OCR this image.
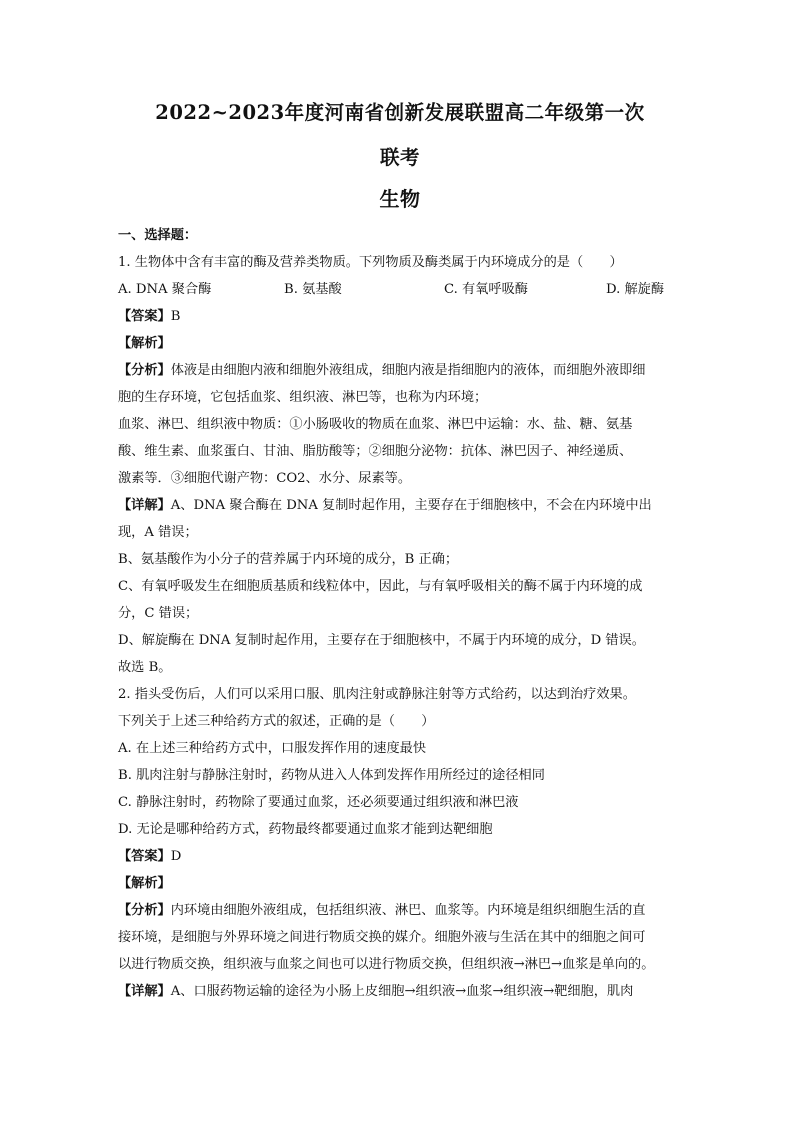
2022~2023年度河南省创新发展联盟高二年级第一次
联考
生物

一、选择题：

1. 生物体中含有丰富的酶及营养类物质。下列物质及酶类属于内环境成分的是（　　）

A. DNA 聚合酶	B. 氨基酸	C. 有氧呼吸酶	D. 解旋酶

【答案】B

【解析】

【分析】体液是由细胞内液和细胞外液组成，细胞内液是指细胞内的液体，而细胞外液即细

胞的生存环境，它包括血浆、组织液、淋巴等，也称为内环境；

血浆、淋巴、组织液中物质：①小肠吸收的物质在血浆、淋巴中运输：水、盐、糖、氨基

酸、维生素、血浆蛋白、甘油、脂肪酸等；②细胞分泌物：抗体、淋巴因子、神经递质、

激素等．③细胞代谢产物：CO2、水分、尿素等。

【详解】A、DNA 聚合酶在 DNA 复制时起作用，主要存在于细胞核中，不会在内环境中出

现，A 错误；

B、氨基酸作为小分子的营养属于内环境的成分，B 正确；

C、有氧呼吸发生在细胞质基质和线粒体中，因此，与有氧呼吸相关的酶不属于内环境的成

分，C 错误；

D、解旋酶在 DNA 复制时起作用，主要存在于细胞核中，不属于内环境的成分，D 错误。

故选 B。

2. 指头受伤后，人们可以采用口服、肌肉注射或静脉注射等方式给药，以达到治疗效果。

下列关于上述三种给药方式的叙述，正确的是（　　）

A. 在上述三种给药方式中，口服发挥作用的速度最快

B. 肌肉注射与静脉注射时，药物从进入人体到发挥作用所经过的途径相同

C. 静脉注射时，药物除了要通过血浆，还必须要通过组织液和淋巴液

D. 无论是哪种给药方式，药物最终都要通过血浆才能到达靶细胞

【答案】D

【解析】

【分析】内环境由细胞外液组成，包括组织液、淋巴、血浆等。内环境是组织细胞生活的直

接环境，是细胞与外界环境之间进行物质交换的媒介。细胞外液与生活在其中的细胞之间可

以进行物质交换，组织液与血浆之间也可以进行物质交换，但组织液→淋巴→血浆是单向的。

【详解】A、口服药物运输的途径为小肠上皮细胞→组织液→血浆→组织液→靶细胞，肌肉
